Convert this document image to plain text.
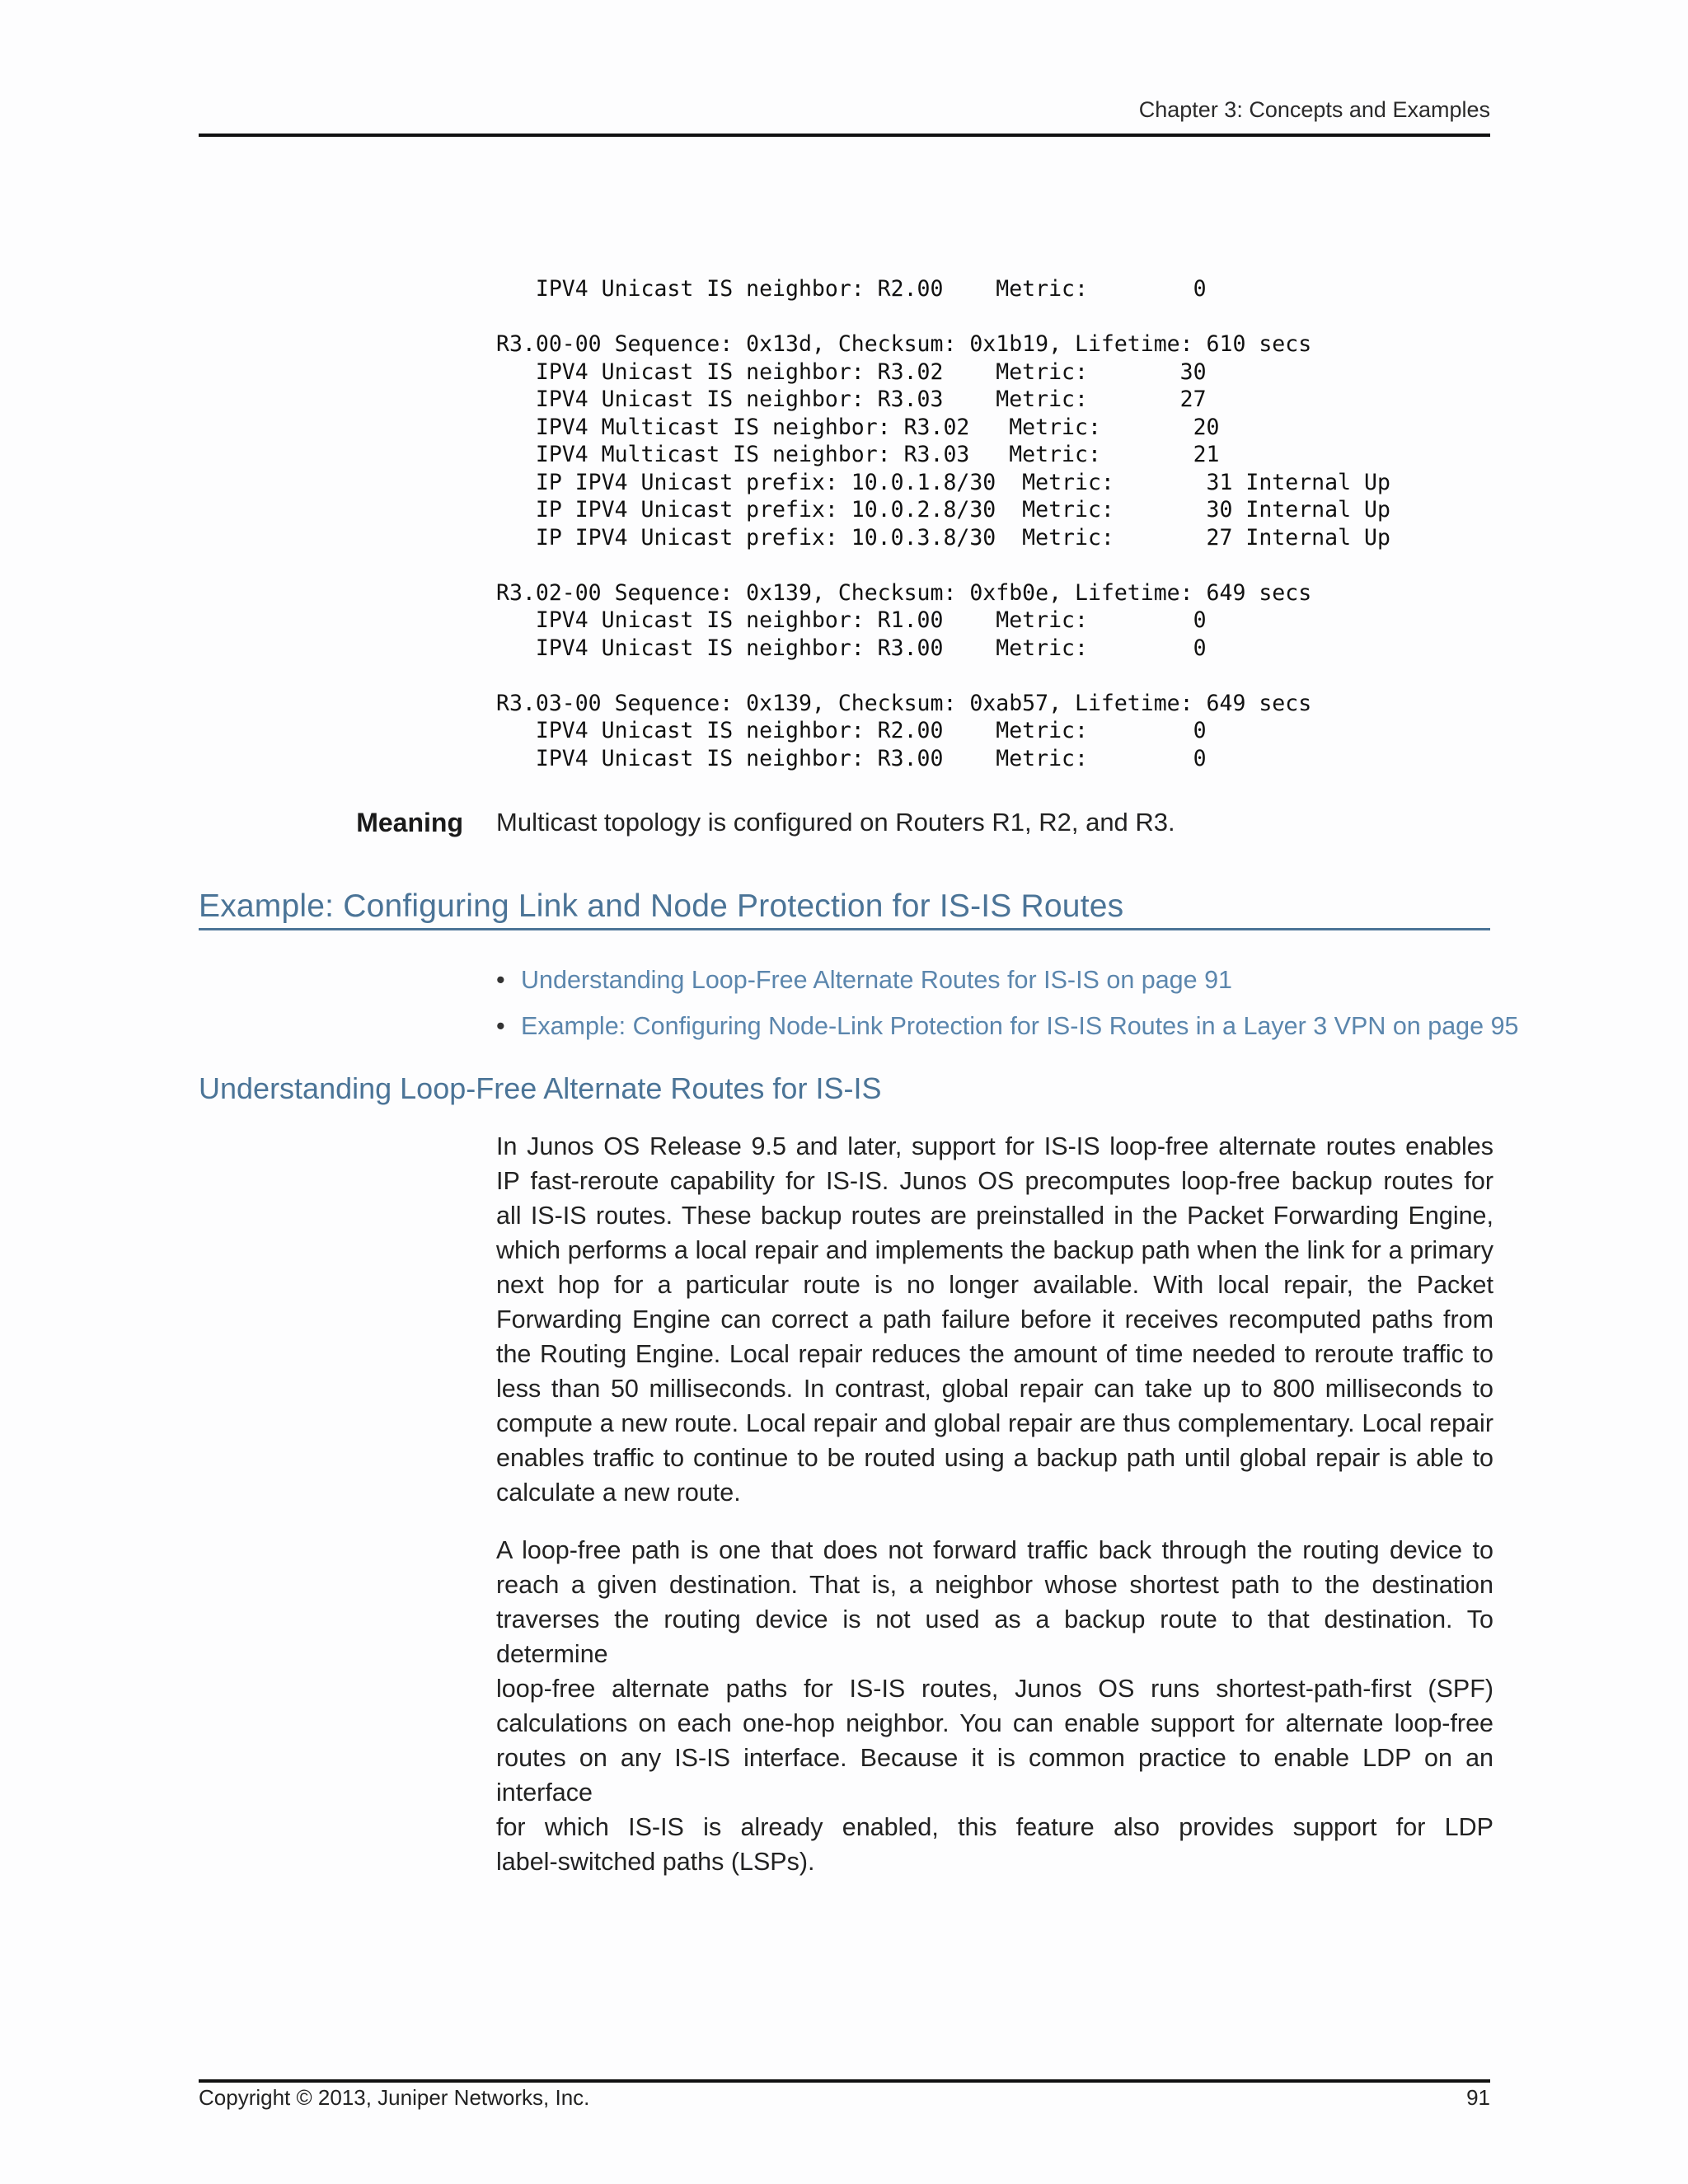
Chapter 3: Concepts and Examples
IPV4 Unicast IS neighbor: R2.00    Metric:        0

R3.00-00 Sequence: 0x13d, Checksum: 0x1b19, Lifetime: 610 secs
IPV4 Unicast IS neighbor: R3.02    Metric:       30
IPV4 Unicast IS neighbor: R3.03    Metric:       27
IPV4 Multicast IS neighbor: R3.02   Metric:       20
IPV4 Multicast IS neighbor: R3.03   Metric:       21
IP IPV4 Unicast prefix: 10.0.1.8/30  Metric:       31 Internal Up
IP IPV4 Unicast prefix: 10.0.2.8/30  Metric:       30 Internal Up
IP IPV4 Unicast prefix: 10.0.3.8/30  Metric:       27 Internal Up

R3.02-00 Sequence: 0x139, Checksum: 0xfb0e, Lifetime: 649 secs
IPV4 Unicast IS neighbor: R1.00    Metric:        0
IPV4 Unicast IS neighbor: R3.00    Metric:        0

R3.03-00 Sequence: 0x139, Checksum: 0xab57, Lifetime: 649 secs
IPV4 Unicast IS neighbor: R2.00    Metric:        0
IPV4 Unicast IS neighbor: R3.00    Metric:        0

Meaning Multicast topology is configured on Routers R1, R2, and R3.
Example: Configuring Link and Node Protection for IS-IS Routes
• Understanding Loop-Free Alternate Routes for IS-IS on page 91
• Example: Configuring Node-Link Protection for IS-IS Routes in a Layer 3 VPN on page 95
Understanding Loop-Free Alternate Routes for IS-IS

In Junos OS Release 9.5 and later, support for IS-IS loop-free alternate routes enables
IP fast-reroute capability for IS-IS. Junos OS precomputes loop-free backup routes for
all IS-IS routes. These backup routes are preinstalled in the Packet Forwarding Engine,
which performs a local repair and implements the backup path when the link for a primary
next hop for a particular route is no longer available. With local repair, the Packet
Forwarding Engine can correct a path failure before it receives recomputed paths from
the Routing Engine. Local repair reduces the amount of time needed to reroute traffic to
less than 50 milliseconds. In contrast, global repair can take up to 800 milliseconds to
compute a new route. Local repair and global repair are thus complementary. Local repair
enables traffic to continue to be routed using a backup path until global repair is able to
calculate a new route.

A loop-free path is one that does not forward traffic back through the routing device to
reach a given destination. That is, a neighbor whose shortest path to the destination
traverses the routing device is not used as a backup route to that destination. To determine
loop-free alternate paths for IS-IS routes, Junos OS runs shortest-path-first (SPF)
calculations on each one-hop neighbor. You can enable support for alternate loop-free
routes on any IS-IS interface. Because it is common practice to enable LDP on an interface
for which IS-IS is already enabled, this feature also provides support for LDP
label-switched paths (LSPs).

Copyright © 2013, Juniper Networks, Inc.	91
